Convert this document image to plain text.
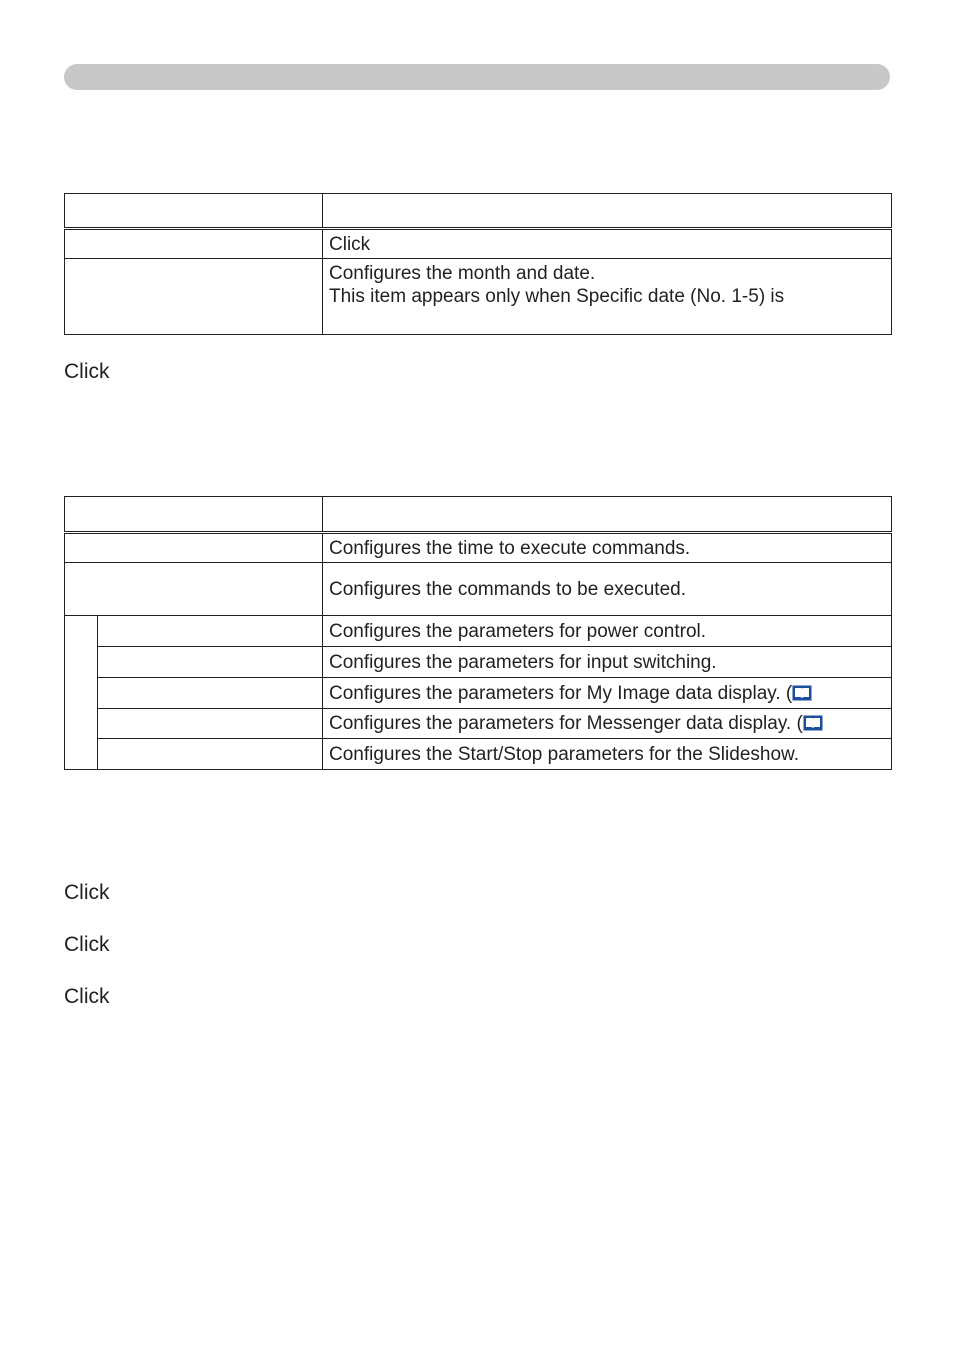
	Click

	Configures the month and date.
This item appears only when Specific date (No. 1-5) is
Click

		Configures the time to execute commands.
		Configures the commands to be executed.
		Configures the parameters for power control.
		Configures the parameters for input switching.
		Configures the parameters for My Image data display. (
		Configures the parameters for Messenger data display. (
		Configures the Start/Stop parameters for the Slideshow.
Click
Click
Click
